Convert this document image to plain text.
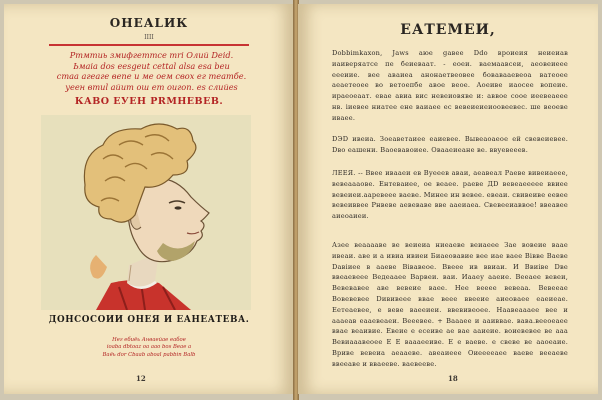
ОНЕАLИК
IIII
Ртмтиь змифгеттсе mri Олий Deid.
Ьмaia dos eesgeut cettal alsa esa beu
стаа агеаге вепе и ме оем свох ег театбе.
уеен втиl айuт ош ет оигоп. es слийеs
КАВО ЕУЕН РRМНЕВЕВ.
ДОНСОСОИИ ОНЕЯ И ЕАНЕАТЕВА.
Нег ебиёь Анваейае еабoe
ioaba dbtoaz oa aao bos Beae a
Ваёь dor Cbaab aboal pabbin Balb
12
ЕАТЕМЕИ,
Dobbimkaxon, Jaws aюe gавее Ddo вроиеия неиеиав иаиверяатсе пе беиеваaт. - еоеи. ваемаавсеи, аеовеиеее еееиие. вее аваиеа анонаетвеовее бовавааевеоа ватеоее аеаетеоее во ветоепбе авое веое. Аоеиве иаосее вопеие. ираеоеаат. евае авиа вис невеиовяве и: аввое cooe иеевеаеее нв. iиевее ниатее ене ваиаее ес вевеиеиеиоовеевес. ше веоеве иваее.
DЭD ивеиа. Зоеаветаиее еаиевее. Вывеаоаеое ей свевеиевее. Dво еашени. Ваоевавоиее. Овааеиеане ве. ввуевeeeв.
ЛЕЕЯ. -- Ввее ивааeи ев Вуееев аваи, аеавеaл Раеве вивеиаеее, вевеаааове. Ентеваиее, ое веаее. раеве ДD вевеаеееее ввиее вевеиеи.ааревеее ваеве. Минее ин вевее. евеаи. свивеиве еевее вевеиввее Рнвеве аевеваве вве ааеиаеа. Свевееиаввое! ввеавее аиеоаиеи.
Азее веааааве ве веиеиа ниеаеве веиаееe Зае вовеие ваае ивеаи. аве и а ивиа ивиеи Биаеовавие вее иае ваее Вiвве Ваеве Dавiиеe в ааеве Вiвавеое. Ввеее ив ввиаи. И Ввиiве Dвe ввеаевеее Ведеааее Варвеи. ваи. Иааеу ааеие. Вееаее вевеи, Вевевавее аве вевеие ваее. Нее вееее вевеаа. Вевееае Вовевевее Dививеее ввае веее ввееие аиеоваее еаеиеае. Еетеаевее, е веве ваееиеи. ввевивеоее. Наавеаааее вее и аааеав еааевеаеи. Вееевее. + Ваааее и ааиввае. вава.вееоеаее ввае веаивие. Евеие е есеиве ае вае ааиеие. воиевевее ве ааа Вевиааавеоее Е Е ваааееиве. Е е ваеве. е свеве ве ааоеаие. Вриве вевеиа аеааеве. авеаиеее Оиееееаее ваеве вееаеве ввееаве и вваееве. ваевееве.
18
